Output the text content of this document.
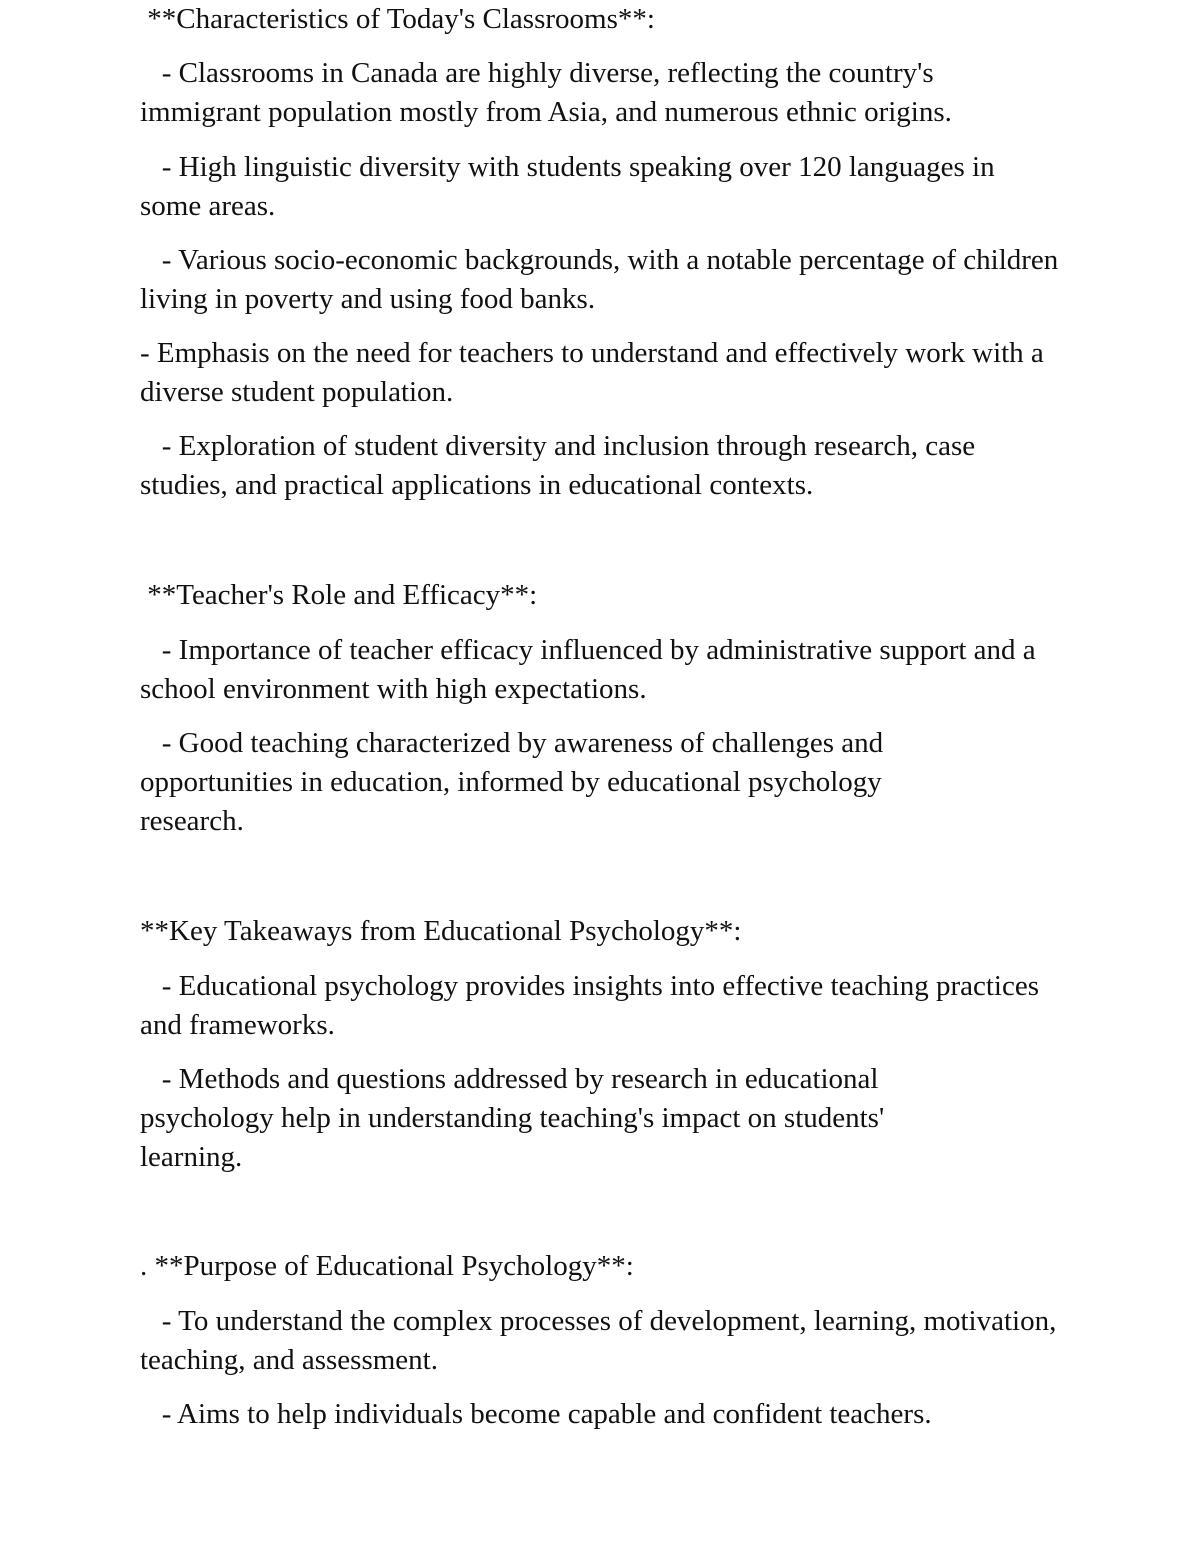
**Characteristics of Today's Classrooms**:
- Classrooms in Canada are highly diverse, reflecting the country's immigrant population mostly from Asia, and numerous ethnic origins.
- High linguistic diversity with students speaking over 120 languages in some areas.
- Various socio-economic backgrounds, with a notable percentage of children living in poverty and using food banks.
- Emphasis on the need for teachers to understand and effectively work with a diverse student population.
- Exploration of student diversity and inclusion through research, case studies, and practical applications in educational contexts.
**Teacher's Role and Efficacy**:
- Importance of teacher efficacy influenced by administrative support and a school environment with high expectations.
- Good teaching characterized by awareness of challenges and opportunities in education, informed by educational psychology research.
**Key Takeaways from Educational Psychology**:
- Educational psychology provides insights into effective teaching practices and frameworks.
- Methods and questions addressed by research in educational psychology help in understanding teaching's impact on students' learning.
. **Purpose of Educational Psychology**:
- To understand the complex processes of development, learning, motivation, teaching, and assessment.
- Aims to help individuals become capable and confident teachers.
